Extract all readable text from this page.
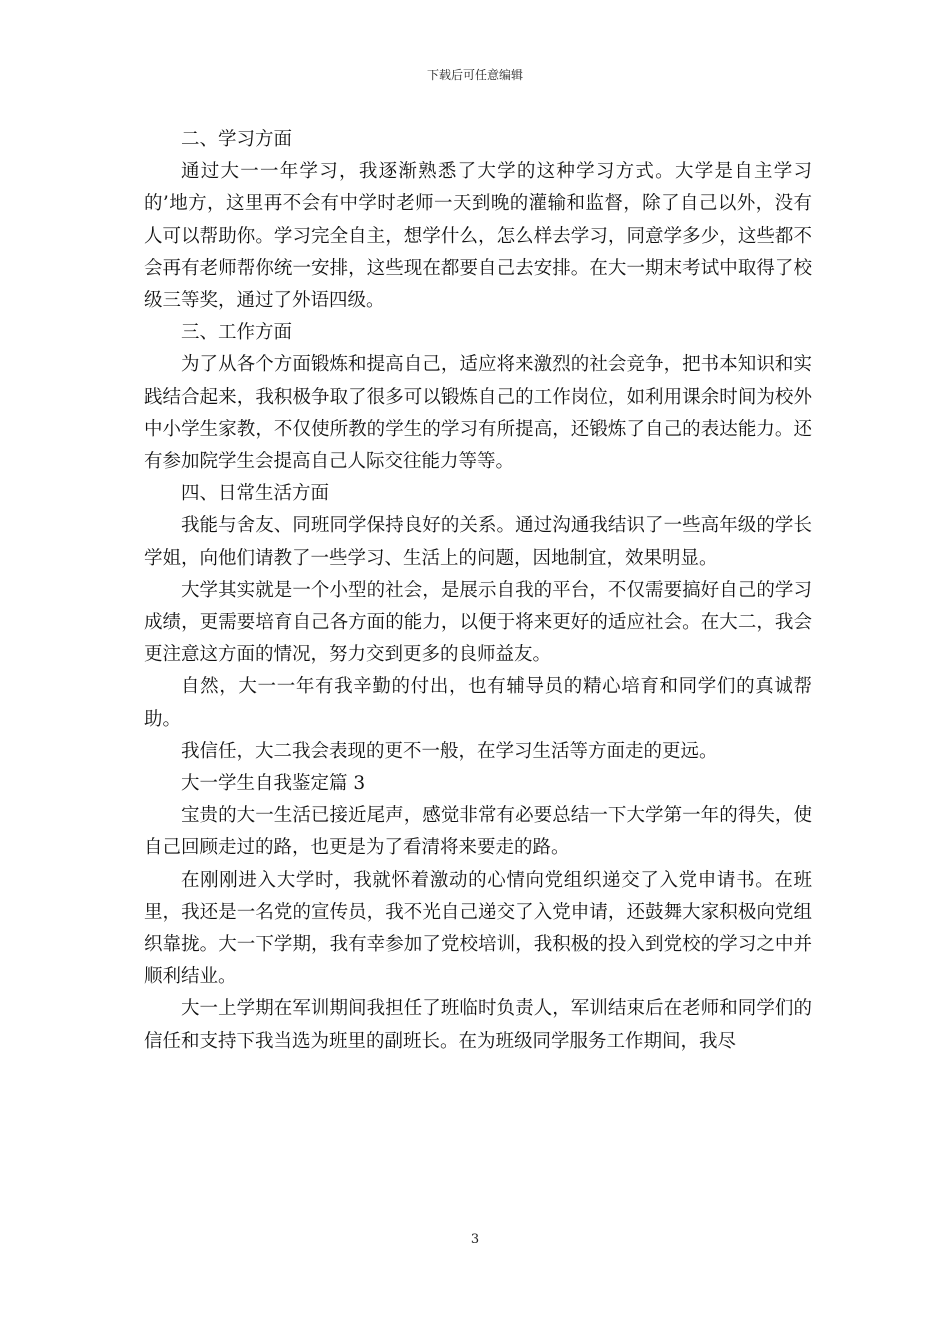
下载后可任意编辑

二、学习方面

通过大一一年学习，我逐渐熟悉了大学的这种学习方式。大学是自主学习的’地方，这里再不会有中学时老师一天到晚的灌输和监督，除了自己以外，没有人可以帮助你。学习完全自主，想学什么，怎么样去学习，同意学多少，这些都不会再有老师帮你统一安排，这些现在都要自己去安排。在大一期末考试中取得了校级三等奖，通过了外语四级。

三、工作方面

为了从各个方面锻炼和提高自己，适应将来激烈的社会竞争，把书本知识和实践结合起来，我积极争取了很多可以锻炼自己的工作岗位，如利用课余时间为校外中小学生家教，不仅使所教的学生的学习有所提高，还锻炼了自己的表达能力。还有参加院学生会提高自己人际交往能力等等。

四、日常生活方面

我能与舍友、同班同学保持良好的关系。通过沟通我结识了一些高年级的学长学姐，向他们请教了一些学习、生活上的问题，因地制宜，效果明显。

大学其实就是一个小型的社会，是展示自我的平台，不仅需要搞好自己的学习成绩，更需要培育自己各方面的能力，以便于将来更好的适应社会。在大二，我会更注意这方面的情况，努力交到更多的良师益友。

自然，大一一年有我辛勤的付出，也有辅导员的精心培育和同学们的真诚帮助。

我信任，大二我会表现的更不一般，在学习生活等方面走的更远。

大一学生自我鉴定篇 3

宝贵的大一生活已接近尾声，感觉非常有必要总结一下大学第一年的得失，使自己回顾走过的路，也更是为了看清将来要走的路。

在刚刚进入大学时，我就怀着激动的心情向党组织递交了入党申请书。在班里，我还是一名党的宣传员，我不光自己递交了入党申请，还鼓舞大家积极向党组织靠拢。大一下学期，我有幸参加了党校培训，我积极的投入到党校的学习之中并顺利结业。

大一上学期在军训期间我担任了班临时负责人，军训结束后在老师和同学们的信任和支持下我当选为班里的副班长。在为班级同学服务工作期间，我尽

3
